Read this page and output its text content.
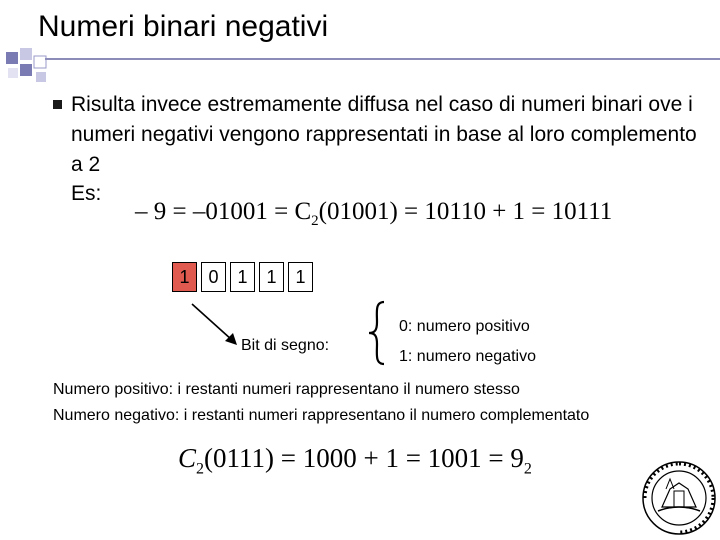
Numeri binari negativi
Risulta invece estremamente diffusa nel caso di numeri binari ove i numeri negativi vengono rappresentati in base al loro complemento a 2
Es:
– $9 = -01001 = C_2(01001) = 10110 + 1 = 10111$
1	0	1	1	1
Bit di segno:
0: numero positivo
1: numero negativo
Numero positivo: i restanti numeri rappresentano il numero stesso
Numero negativo: i restanti numeri rappresentano il numero complementato
$C_2(0111) = 1000 + 1 = 1001 = 9_2$
